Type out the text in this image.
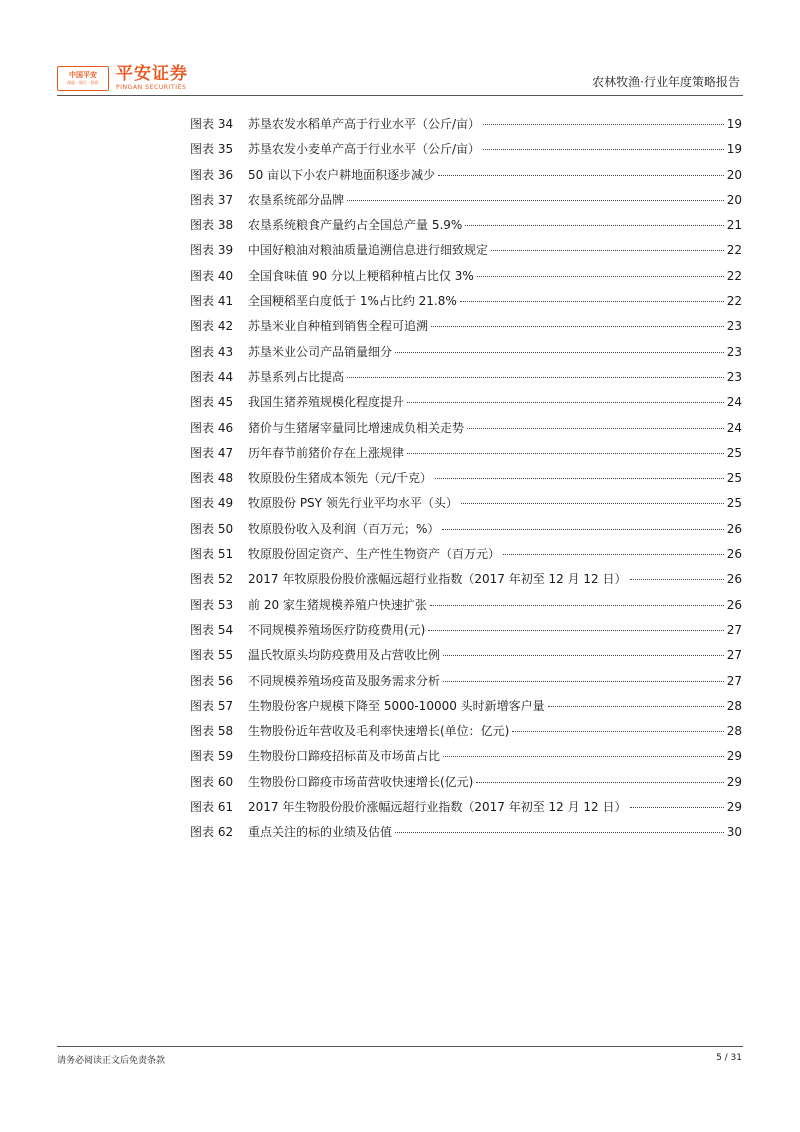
中国平安
保险 · 银行 · 投资 平安证券
PINGAN SECURITIES	农林牧渔·行业年度策略报告
图表 34	苏垦农发水稻单产高于行业水平（公斤/亩）	19
图表 35	苏垦农发小麦单产高于行业水平（公斤/亩）	19
图表 36	50 亩以下小农户耕地面积逐步减少	20
图表 37	农垦系统部分品牌	20
图表 38	农垦系统粮食产量约占全国总产量 5.9%	21
图表 39	中国好粮油对粮油质量追溯信息进行细致规定	22
图表 40	全国食味值 90 分以上粳稻种植占比仅 3%	22
图表 41	全国粳稻垩白度低于 1%占比约 21.8%	22
图表 42	苏垦米业自种植到销售全程可追溯	23
图表 43	苏垦米业公司产品销量细分	23
图表 44	苏垦系列占比提高	23
图表 45	我国生猪养殖规模化程度提升	24
图表 46	猪价与生猪屠宰量同比增速成负相关走势	24
图表 47	历年春节前猪价存在上涨规律	25
图表 48	牧原股份生猪成本领先（元/千克）	25
图表 49	牧原股份 PSY 领先行业平均水平（头）	25
图表 50	牧原股份收入及利润（百万元；%）	26
图表 51	牧原股份固定资产、生产性生物资产（百万元）	26
图表 52	2017 年牧原股份股价涨幅远超行业指数（2017 年初至 12 月 12 日）	26
图表 53	前 20 家生猪规模养殖户快速扩张	26
图表 54	不同规模养殖场医疗防疫费用(元)	27
图表 55	温氏牧原头均防疫费用及占营收比例	27
图表 56	不同规模养殖场疫苗及服务需求分析	27
图表 57	生物股份客户规模下降至 5000-10000 头时新增客户量	28
图表 58	生物股份近年营收及毛利率快速增长(单位：亿元)	28
图表 59	生物股份口蹄疫招标苗及市场苗占比	29
图表 60	生物股份口蹄疫市场苗营收快速增长(亿元)	29
图表 61	2017 年生物股份股价涨幅远超行业指数（2017 年初至 12 月 12 日）	29
图表 62	重点关注的标的业绩及估值	30
请务必阅读正文后免责条款	5 / 31
